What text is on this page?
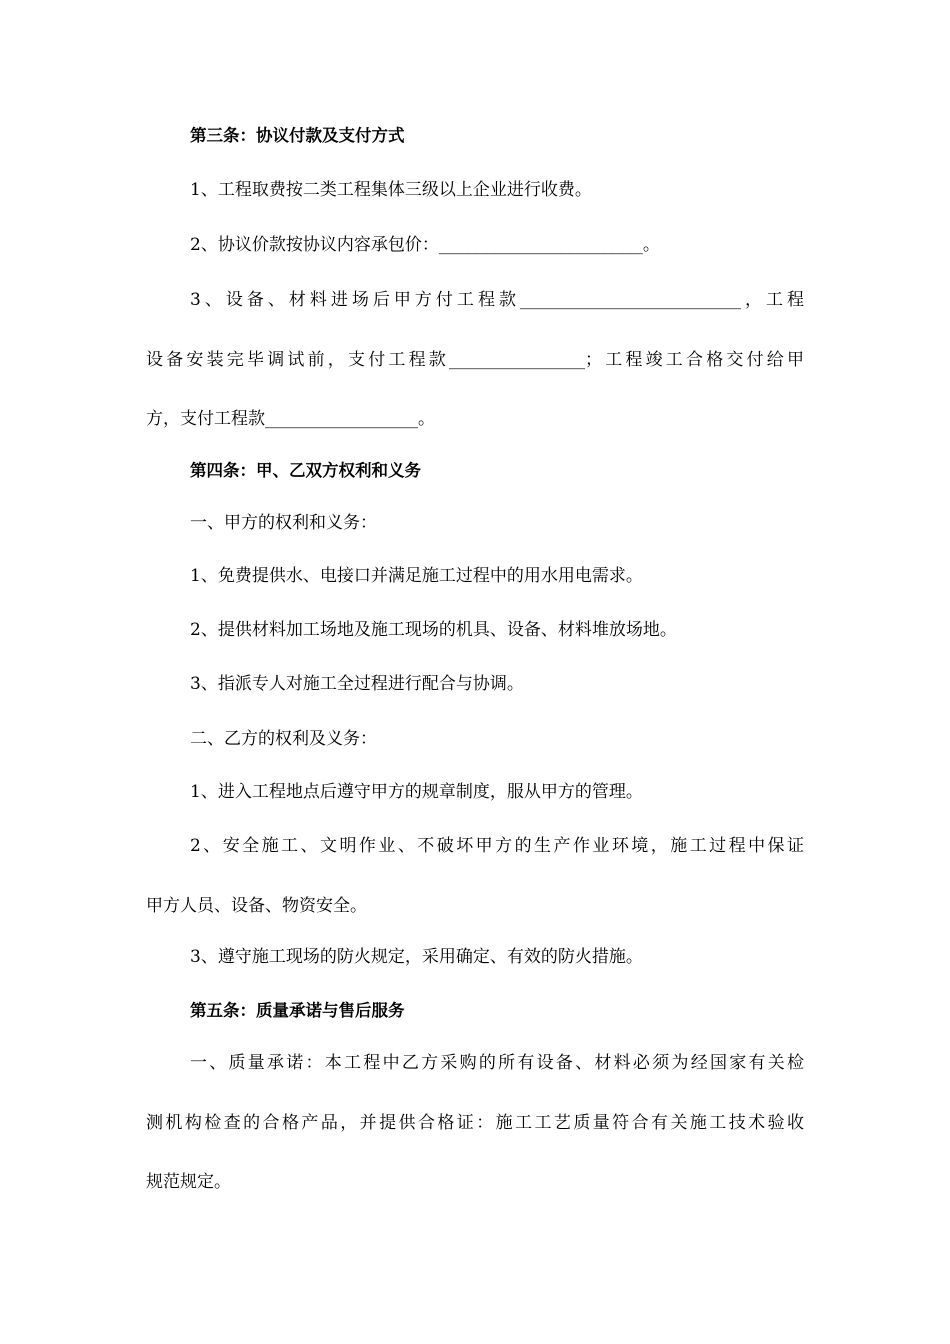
第三条：协议付款及支付方式

1、工程取费按二类工程集体三级以上企业进行收费。

2、协议价款按协议内容承包价：________________________。

3、设备、材料进场后甲方付工程款__________________________，工程

设备安装完毕调试前，支付工程款________________；工程竣工合格交付给甲

方，支付工程款__________________。

第四条：甲、乙双方权利和义务

一、甲方的权利和义务：

1、免费提供水、电接口并满足施工过程中的用水用电需求。

2、提供材料加工场地及施工现场的机具、设备、材料堆放场地。

3、指派专人对施工全过程进行配合与协调。

二、乙方的权利及义务：

1、进入工程地点后遵守甲方的规章制度，服从甲方的管理。

2、安全施工、文明作业、不破坏甲方的生产作业环境，施工过程中保证

甲方人员、设备、物资安全。

3、遵守施工现场的防火规定，采用确定、有效的防火措施。

第五条：质量承诺与售后服务

一、质量承诺：本工程中乙方采购的所有设备、材料必须为经国家有关检

测机构检查的合格产品，并提供合格证：施工工艺质量符合有关施工技术验收

规范规定。
